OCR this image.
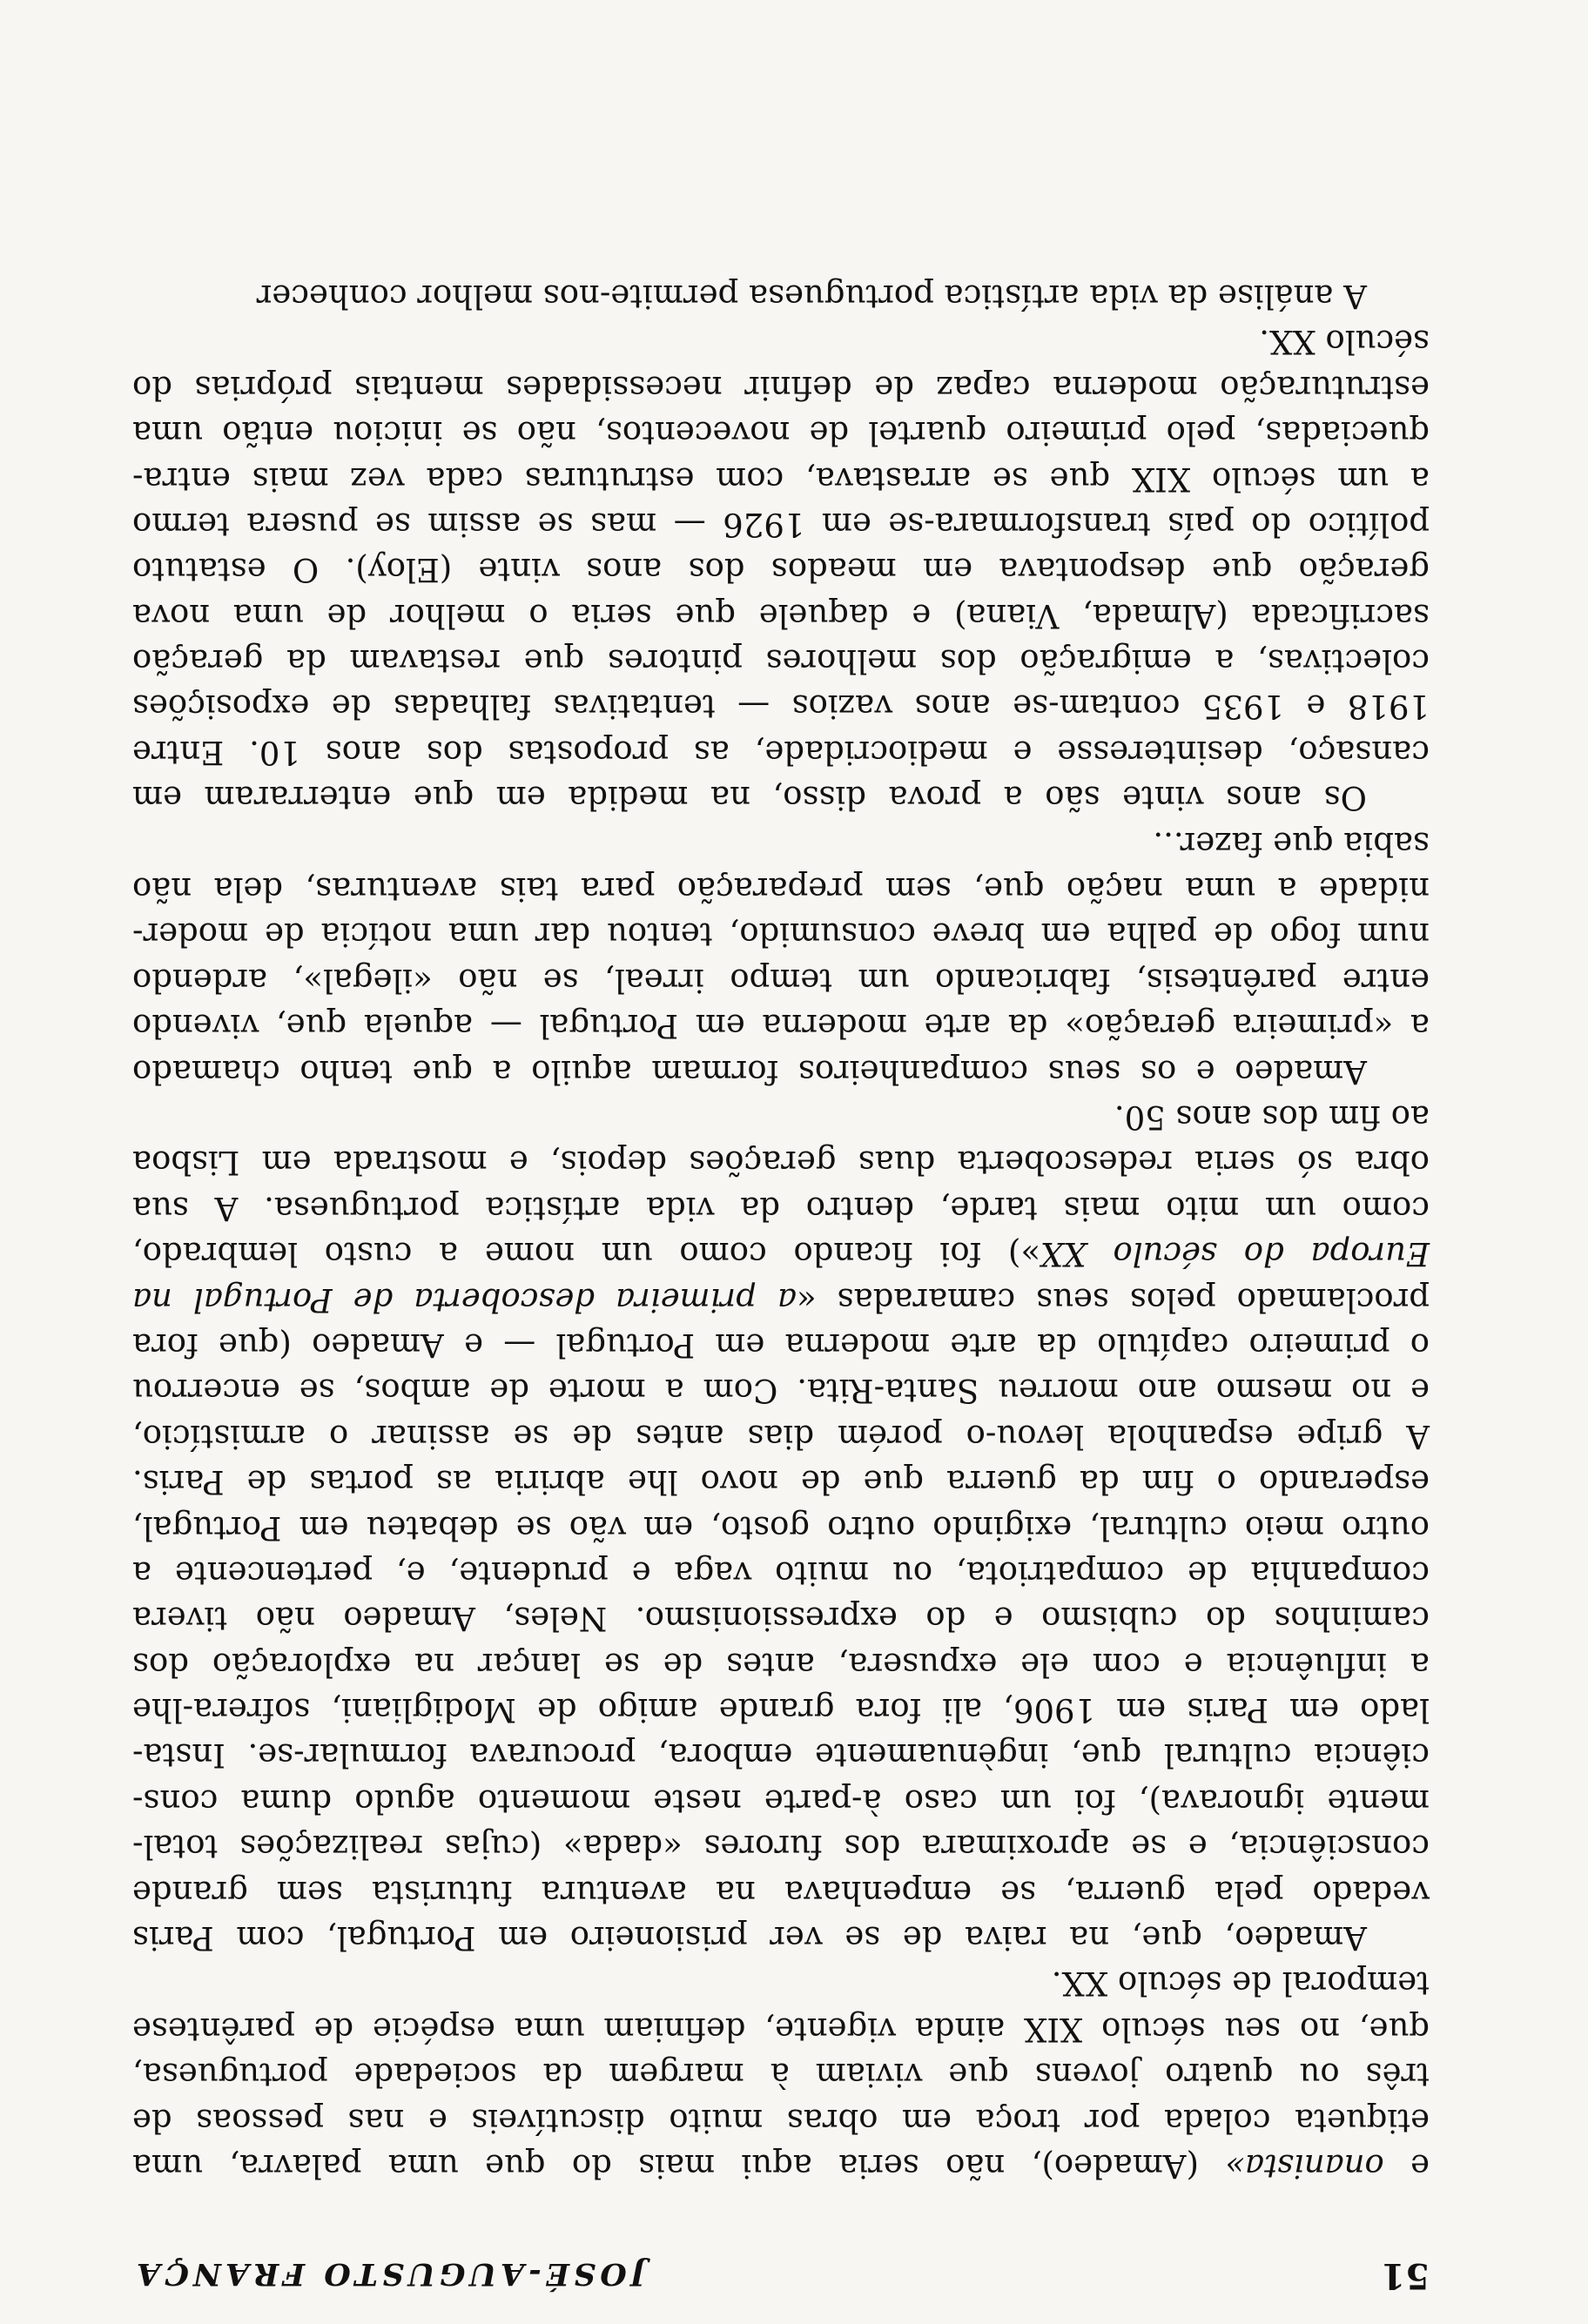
51
JOSÉ-AUGUSTO FRANÇA
e onanista» (Amadeo), não seria aqui mais do que uma palavra, uma
etiqueta colada por troça em obras muito discutíveis e nas pessoas de
três ou quatro jovens que viviam à margem da sociedade portuguesa,
que, no seu século XIX ainda vigente, definiam uma espécie de parêntese
temporal de século XX.
Amadeo, que, na raiva de se ver prisioneiro em Portugal, com Paris
vedado pela guerra, se empenhava na aventura futurista sem grande
consciência, e se aproximara dos furores «dada» (cujas realizações total-
mente ignorava), foi um caso à-parte neste momento agudo duma cons-
ciência cultural que, ingènuamente embora, procurava formular-se. Insta-
lado em Paris em 1906, ali fora grande amigo de Modigliani, sofrera-lhe
a influência e com ele expusera, antes de se lançar na exploração dos
caminhos do cubismo e do expressionismo. Neles, Amadeo não tivera
companhia de compatriota, ou muito vaga e prudente, e, pertencente a
outro meio cultural, exigindo outro gosto, em vão se debateu em Portugal,
esperando o fim da guerra que de novo lhe abriria as portas de Paris.
A gripe espanhola levou-o porém dias antes de se assinar o armistício,
e no mesmo ano morreu Santa-Rita. Com a morte de ambos, se encerrou
o primeiro capítulo da arte moderna em Portugal — e Amadeo (que fora
proclamado pelos seus camaradas «a primeira descoberta de Portugal na
Europa do século XX») foi ficando como um nome a custo lembrado,
como um mito mais tarde, dentro da vida artística portuguesa. A sua
obra só seria redescoberta duas gerações depois, e mostrada em Lisboa
ao fim dos anos 50.
Amadeo e os seus companheiros formam aquilo a que tenho chamado
a «primeira geração» da arte moderna em Portugal — aquela que, vivendo
entre parêntesis, fabricando um tempo irreal, se não «ilegal», ardendo
num fogo de palha em breve consumido, tentou dar uma notícia de moder-
nidade a uma nação que, sem preparação para tais aventuras, dela não
sabia que fazer...
Os anos vinte são a prova disso, na medida em que enterraram em
cansaço, desinteresse e mediocridade, as propostas dos anos 10. Entre
1918 e 1935 contam-se anos vazios — tentativas falhadas de exposições
colectivas, a emigração dos melhores pintores que restavam da geração
sacrificada (Almada, Viana) e daquele que seria o melhor de uma nova
geração que despontava em meados dos anos vinte (Eloy). O estatuto
político do país transformara-se em 1926 — mas se assim se pusera termo
a um século XIX que se arrastava, com estruturas cada vez mais entra-
queciadas, pelo primeiro quartel de novecentos, não se iniciou então uma
estruturação moderna capaz de definir necessidades mentais próprias do
século XX.
A análise da vida artística portuguesa permite-nos melhor conhecer
